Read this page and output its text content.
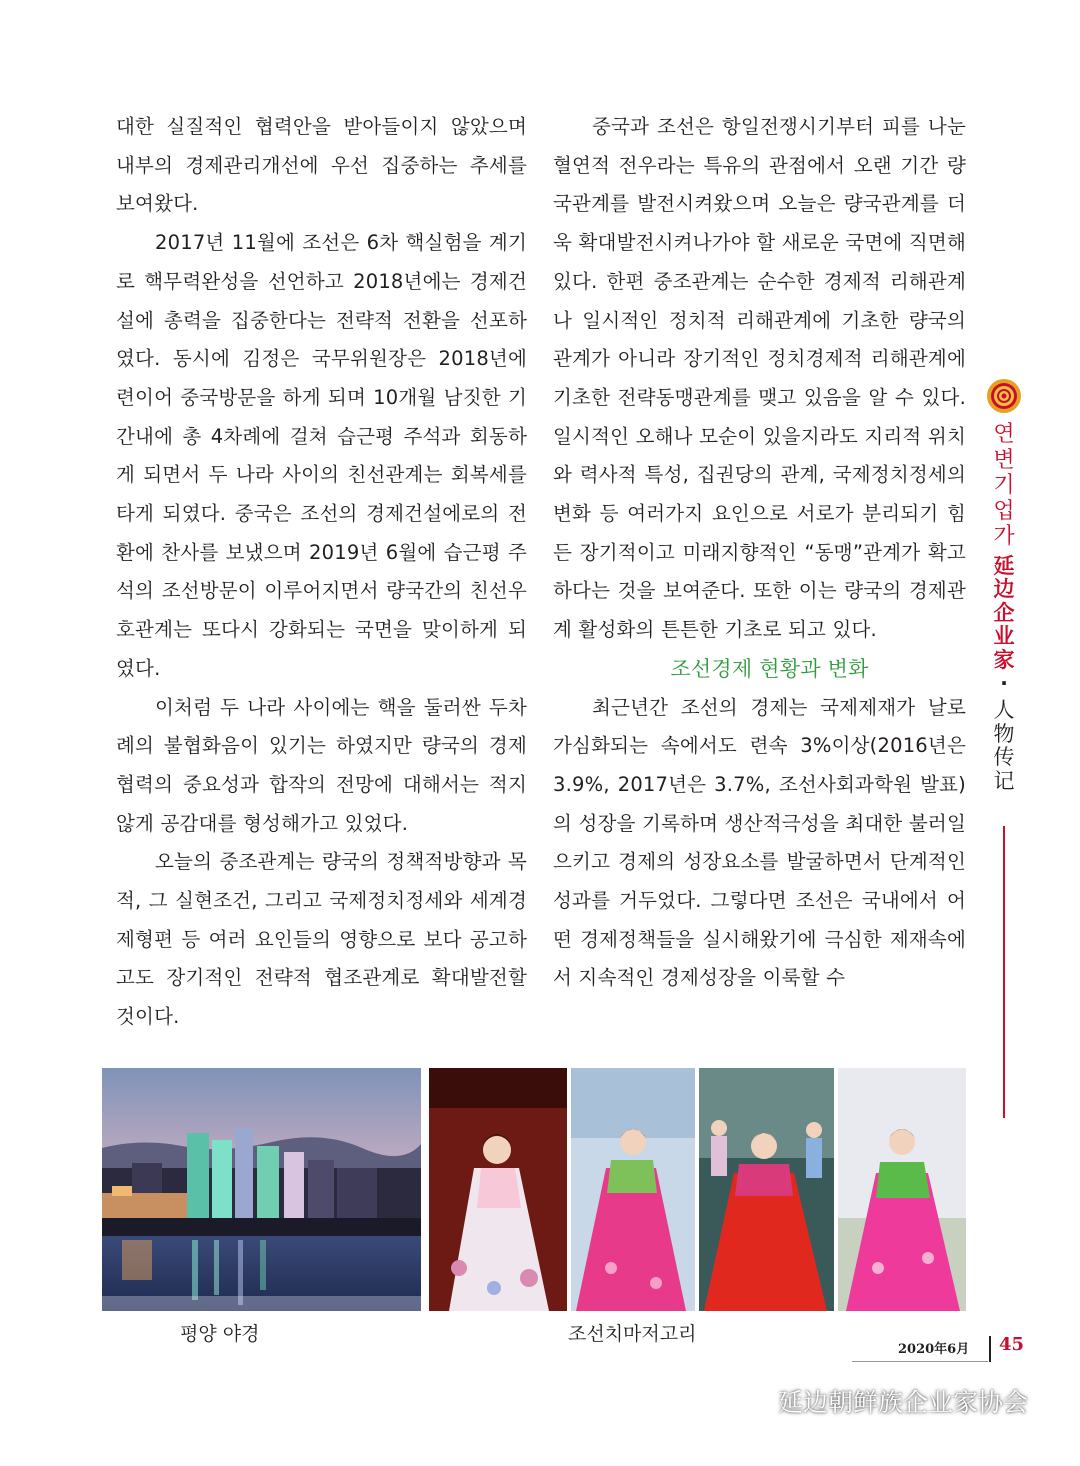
대한 실질적인 협력안을 받아들이지 않았으며 내부의 경제관리개선에 우선 집중하는 추세를 보여왔다.

2017년 11월에 조선은 6차 핵실험을 계기로 핵무력완성을 선언하고 2018년에는 경제건설에 총력을 집중한다는 전략적 전환을 선포하였다. 동시에 김정은 국무위원장은 2018년에 련이어 중국방문을 하게 되며 10개월 남짓한 기간내에 총 4차례에 걸쳐 습근평 주석과 회동하게 되면서 두 나라 사이의 친선관계는 회복세를 타게 되였다. 중국은 조선의 경제건설에로의 전환에 찬사를 보냈으며 2019년 6월에 습근평 주석의 조선방문이 이루어지면서 량국간의 친선우호관계는 또다시 강화되는 국면을 맞이하게 되였다.

이처럼 두 나라 사이에는 핵을 둘러싼 두차례의 불협화음이 있기는 하였지만 량국의 경제협력의 중요성과 합작의 전망에 대해서는 적지 않게 공감대를 형성해가고 있었다.

오늘의 중조관계는 량국의 정책적방향과 목적, 그 실현조건, 그리고 국제정치정세와 세계경제형편 등 여러 요인들의 영향으로 보다 공고하고도 장기적인 전략적 협조관계로 확대발전할 것이다.

중국과 조선은 항일전쟁시기부터 피를 나눈 혈연적 전우라는 특유의 관점에서 오랜 기간 량국관계를 발전시켜왔으며 오늘은 량국관계를 더욱 확대발전시켜나가야 할 새로운 국면에 직면해있다. 한편 중조관계는 순수한 경제적 리해관계나 일시적인 정치적 리해관계에 기초한 량국의 관계가 아니라 장기적인 정치경제적 리해관계에 기초한 전략동맹관계를 맺고 있음을 알 수 있다. 일시적인 오해나 모순이 있을지라도 지리적 위치와 력사적 특성, 집권당의 관계, 국제정치정세의 변화 등 여러가지 요인으로 서로가 분리되기 힘든 장기적이고 미래지향적인 “동맹”관계가 확고하다는 것을 보여준다. 또한 이는 량국의 경제관계 활성화의 튼튼한 기초로 되고 있다.

조선경제 현황과 변화

최근년간 조선의 경제는 국제제재가 날로 가심화되는 속에서도 련속 3%이상(2016년은 3.9%, 2017년은 3.7%, 조선사회과학원 발표)의 성장을 기록하며 생산적극성을 최대한 불러일으키고 경제의 성장요소를 발굴하면서 단계적인 성과를 거두었다. 그렇다면 조선은 국내에서 어떤 경제정책들을 실시해왔기에 극심한 제재속에서 지속적인 경제성장을 이룩할 수

연
변
기
업
가
延
边
企
业
家
·
人
物
传
记
평양 야경	조선치마저고리
2020年6月 45
延边朝鲜族企业家协会
